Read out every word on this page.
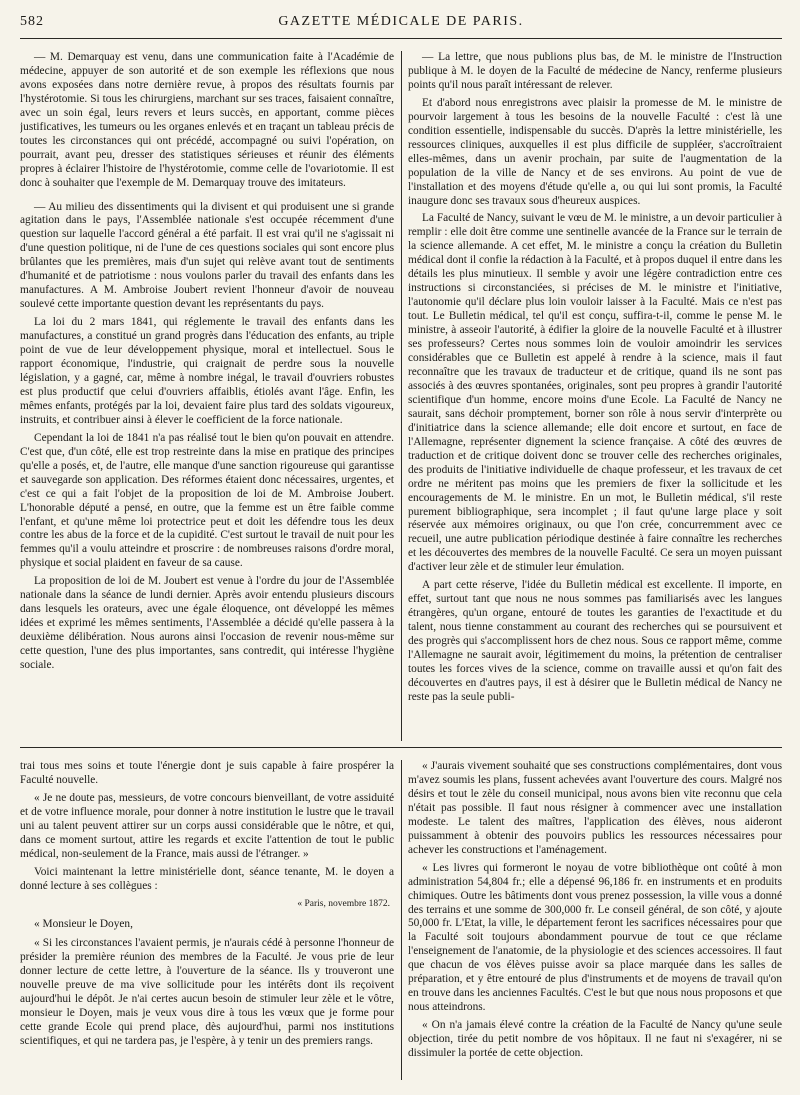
582	GAZETTE MÉDICALE DE PARIS.

— M. Demarquay est venu, dans une communication faite à l'Académie de médecine, appuyer de son autorité et de son exemple les réflexions que nous avons exposées dans notre dernière revue, à propos des résultats fournis par l'hystérotomie. Si tous les chirurgiens, marchant sur ses traces, faisaient connaître, avec un soin égal, leurs revers et leurs succès, en apportant, comme pièces justificatives, les tumeurs ou les organes enlevés et en traçant un tableau précis de toutes les circonstances qui ont précédé, accompagné ou suivi l'opération, on pourrait, avant peu, dresser des statistiques sérieuses et réunir des éléments propres à éclairer l'histoire de l'hystérotomie, comme celle de l'ovariotomie. Il est donc à souhaiter que l'exemple de M. Demarquay trouve des imitateurs.

— Au milieu des dissentiments qui la divisent et qui produisent une si grande agitation dans le pays, l'Assemblée nationale s'est occupée récemment d'une question sur laquelle l'accord général a été parfait. Il est vrai qu'il ne s'agissait ni d'une question politique, ni de l'une de ces questions sociales qui sont encore plus brûlantes que les premières, mais d'un sujet qui relève avant tout de sentiments d'humanité et de patriotisme : nous voulons parler du travail des enfants dans les manufactures. A M. Ambroise Joubert revient l'honneur d'avoir de nouveau soulevé cette importante question devant les représentants du pays.

La loi du 2 mars 1841, qui réglemente le travail des enfants dans les manufactures, a constitué un grand progrès dans l'éducation des enfants, au triple point de vue de leur développement physique, moral et intellectuel. Sous le rapport économique, l'industrie, qui craignait de perdre sous la nouvelle législation, y a gagné, car, même à nombre inégal, le travail d'ouvriers robustes est plus productif que celui d'ouvriers affaiblis, étiolés avant l'âge. Enfin, les mêmes enfants, protégés par la loi, devaient faire plus tard des soldats vigoureux, instruits, et contribuer ainsi à élever le coefficient de la force nationale.

Cependant la loi de 1841 n'a pas réalisé tout le bien qu'on pouvait en attendre. C'est que, d'un côté, elle est trop restreinte dans la mise en pratique des principes qu'elle a posés, et, de l'autre, elle manque d'une sanction rigoureuse qui garantisse et sauvegarde son application. Des réformes étaient donc nécessaires, urgentes, et c'est ce qui a fait l'objet de la proposition de loi de M. Ambroise Joubert. L'honorable député a pensé, en outre, que la femme est un être faible comme l'enfant, et qu'une même loi protectrice peut et doit les défendre tous les deux contre les abus de la force et de la cupidité. C'est surtout le travail de nuit pour les femmes qu'il a voulu atteindre et proscrire : de nombreuses raisons d'ordre moral, physique et social plaident en faveur de sa cause.

La proposition de loi de M. Joubert est venue à l'ordre du jour de l'Assemblée nationale dans la séance de lundi dernier. Après avoir entendu plusieurs discours dans lesquels les orateurs, avec une égale éloquence, ont développé les mêmes idées et exprimé les mêmes sentiments, l'Assemblée a décidé qu'elle passera à la deuxième délibération. Nous aurons ainsi l'occasion de revenir nous-même sur cette question, l'une des plus importantes, sans contredit, qui intéresse l'hygiène sociale.

— La lettre, que nous publions plus bas, de M. le ministre de l'Instruction publique à M. le doyen de la Faculté de médecine de Nancy, renferme plusieurs points qu'il nous paraît intéressant de relever.

Et d'abord nous enregistrons avec plaisir la promesse de M. le ministre de pourvoir largement à tous les besoins de la nouvelle Faculté : c'est là une condition essentielle, indispensable du succès. D'après la lettre ministérielle, les ressources cliniques, auxquelles il est plus difficile de suppléer, s'accroîtraient elles-mêmes, dans un avenir prochain, par suite de l'augmentation de la population de la ville de Nancy et de ses environs. Au point de vue de l'installation et des moyens d'étude qu'elle a, ou qui lui sont promis, la Faculté inaugure donc ses travaux sous d'heureux auspices.

La Faculté de Nancy, suivant le vœu de M. le ministre, a un devoir particulier à remplir : elle doit être comme une sentinelle avancée de la France sur le terrain de la science allemande. A cet effet, M. le ministre a conçu la création du Bulletin médical dont il confie la rédaction à la Faculté, et à propos duquel il entre dans les détails les plus minutieux. Il semble y avoir une légère contradiction entre ces instructions si circonstanciées, si précises de M. le ministre et l'initiative, l'autonomie qu'il déclare plus loin vouloir laisser à la Faculté. Mais ce n'est pas tout. Le Bulletin médical, tel qu'il est conçu, suffira-t-il, comme le pense M. le ministre, à asseoir l'autorité, à édifier la gloire de la nouvelle Faculté et à illustrer ses professeurs? Certes nous sommes loin de vouloir amoindrir les services considérables que ce Bulletin est appelé à rendre à la science, mais il faut reconnaître que les travaux de traducteur et de critique, quand ils ne sont pas associés à des œuvres spontanées, originales, sont peu propres à grandir l'autorité scientifique d'un homme, encore moins d'une Ecole. La Faculté de Nancy ne saurait, sans déchoir promptement, borner son rôle à nous servir d'interprète ou d'initiatrice dans la science allemande; elle doit encore et surtout, en face de l'Allemagne, représenter dignement la science française. A côté des œuvres de traduction et de critique doivent donc se trouver celle des recherches originales, des produits de l'initiative individuelle de chaque professeur, et les travaux de cet ordre ne méritent pas moins que les premiers de fixer la sollicitude et les encouragements de M. le ministre. En un mot, le Bulletin médical, s'il reste purement bibliographique, sera incomplet ; il faut qu'une large place y soit réservée aux mémoires originaux, ou que l'on crée, concurremment avec ce recueil, une autre publication périodique destinée à faire connaître les recherches et les découvertes des membres de la nouvelle Faculté. Ce sera un moyen puissant d'activer leur zèle et de stimuler leur émulation.

A part cette réserve, l'idée du Bulletin médical est excellente. Il importe, en effet, surtout tant que nous ne nous sommes pas familiarisés avec les langues étrangères, qu'un organe, entouré de toutes les garanties de l'exactitude et du talent, nous tienne constamment au courant des recherches qui se poursuivent et des progrès qui s'accomplissent hors de chez nous. Sous ce rapport même, comme l'Allemagne ne saurait avoir, légitimement du moins, la prétention de centraliser toutes les forces vives de la science, comme on travaille aussi et qu'on fait des découvertes en d'autres pays, il est à désirer que le Bulletin médical de Nancy ne reste pas la seule publi-

trai tous mes soins et toute l'énergie dont je suis capable à faire prospérer la Faculté nouvelle.

« Je ne doute pas, messieurs, de votre concours bienveillant, de votre assiduité et de votre influence morale, pour donner à notre institution le lustre que le travail uni au talent peuvent attirer sur un corps aussi considérable que le nôtre, et qui, dans ce moment surtout, attire les regards et excite l'attention de tout le public médical, non-seulement de la France, mais aussi de l'étranger. »

Voici maintenant la lettre ministérielle dont, séance tenante, M. le doyen a donné lecture à ses collègues :

« Paris, novembre 1872.
« Monsieur le Doyen,

« Si les circonstances l'avaient permis, je n'aurais cédé à personne l'honneur de présider la première réunion des membres de la Faculté. Je vous prie de leur donner lecture de cette lettre, à l'ouverture de la séance. Ils y trouveront une nouvelle preuve de ma vive sollicitude pour les intérêts dont ils reçoivent aujourd'hui le dépôt. Je n'ai certes aucun besoin de stimuler leur zèle et le vôtre, monsieur le Doyen, mais je veux vous dire à tous les vœux que je forme pour cette grande Ecole qui prend place, dès aujourd'hui, parmi nos institutions scientifiques, et qui ne tardera pas, je l'espère, à y tenir un des premiers rangs.

« J'aurais vivement souhaité que ses constructions complémentaires, dont vous m'avez soumis les plans, fussent achevées avant l'ouverture des cours. Malgré nos désirs et tout le zèle du conseil municipal, nous avons bien vite reconnu que cela n'était pas possible. Il faut nous résigner à commencer avec une installation modeste. Le talent des maîtres, l'application des élèves, nous aideront puissamment à obtenir des pouvoirs publics les ressources nécessaires pour achever les constructions et l'aménagement.

« Les livres qui formeront le noyau de votre bibliothèque ont coûté à mon administration 54,804 fr.; elle a dépensé 96,186 fr. en instruments et en produits chimiques. Outre les bâtiments dont vous prenez possession, la ville vous a donné des terrains et une somme de 300,000 fr. Le conseil général, de son côté, y ajoute 50,000 fr. L'Etat, la ville, le département feront les sacrifices nécessaires pour que la Faculté soit toujours abondamment pourvue de tout ce que réclame l'enseignement de l'anatomie, de la physiologie et des sciences accessoires. Il faut que chacun de vos élèves puisse avoir sa place marquée dans les salles de préparation, et y être entouré de plus d'instruments et de moyens de travail qu'on en trouve dans les anciennes Facultés. C'est le but que nous nous proposons et que nous atteindrons.

« On n'a jamais élevé contre la création de la Faculté de Nancy qu'une seule objection, tirée du petit nombre de vos hôpitaux. Il ne faut ni s'exagérer, ni se dissimuler la portée de cette objection.
